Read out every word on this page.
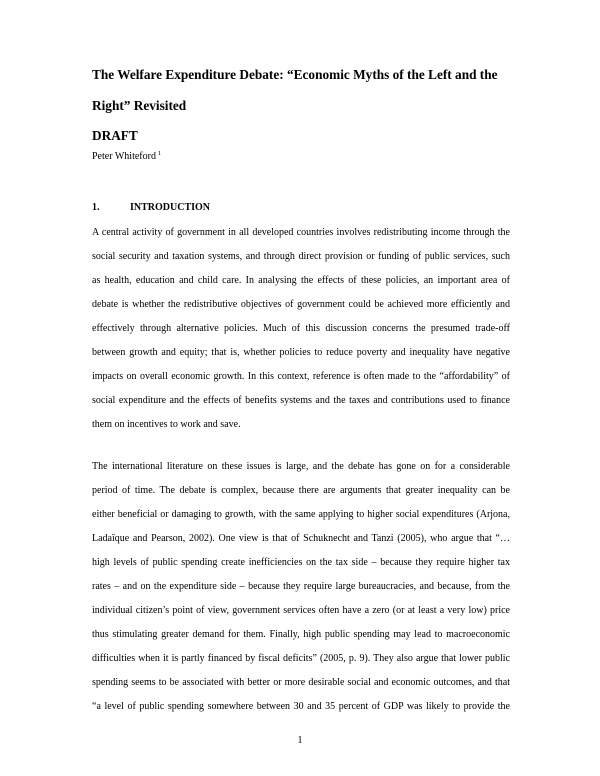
The Welfare Expenditure Debate: “Economic Myths of the Left and the
Right” Revisited
DRAFT
Peter Whiteford $^1$
1.	INTRODUCTION
A central activity of government in all developed countries involves redistributing income through the
social security and taxation systems, and through direct provision or funding of public services, such
as health, education and child care. In analysing the effects of these policies, an important area of
debate is whether the redistributive objectives of government could be achieved more efficiently and
effectively through alternative policies. Much of this discussion concerns the presumed trade-off
between growth and equity; that is, whether policies to reduce poverty and inequality have negative
impacts on overall economic growth. In this context, reference is often made to the “affordability” of
social expenditure and the effects of benefits systems and the taxes and contributions used to finance
them on incentives to work and save.
The international literature on these issues is large, and the debate has gone on for a considerable
period of time. The debate is complex, because there are arguments that greater inequality can be
either beneficial or damaging to growth, with the same applying to higher social expenditures (Arjona,
Ladaïque and Pearson, 2002). One view is that of Schuknecht and Tanzi (2005), who argue that “…
high levels of public spending create inefficiencies on the tax side – because they require higher tax
rates – and on the expenditure side – because they require large bureaucracies, and because, from the
individual citizen’s point of view, government services often have a zero (or at least a very low) price
thus stimulating greater demand for them. Finally, high public spending may lead to macroeconomic
difficulties when it is partly financed by fiscal deficits” (2005, p. 9). They also argue that lower public
spending seems to be associated with better or more desirable social and economic outcomes, and that
“a level of public spending somewhere between 30 and 35 percent of GDP was likely to provide the
1
